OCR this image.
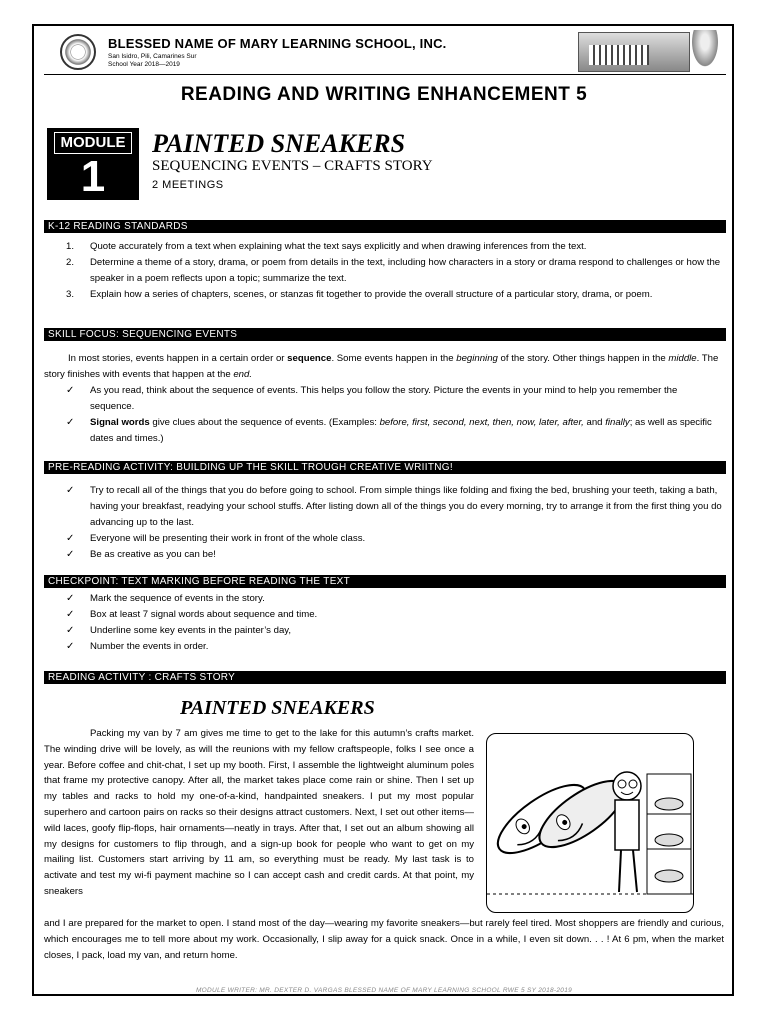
BLESSED NAME OF MARY LEARNING SCHOOL, INC.
San Isidro, Pili, Camarines Sur
School Year 2018—2019
READING AND WRITING ENHANCEMENT 5
MODULE
1
PAINTED SNEAKERS
SEQUENCING EVENTS – CRAFTS STORY
2 MEETINGS
K-12 READING STANDARDS
1. Quote accurately from a text when explaining what the text says explicitly and when drawing inferences from the text.
2. Determine a theme of a story, drama, or poem from details in the text, including how characters in a story or drama respond to challenges or how the speaker in a poem reflects upon a topic; summarize the text.
3. Explain how a series of chapters, scenes, or stanzas fit together to provide the overall structure of a particular story, drama, or poem.
SKILL FOCUS: SEQUENCING EVENTS
In most stories, events happen in a certain order or sequence. Some events happen in the beginning of the story. Other things happen in the middle. The story finishes with events that happen at the end.
✓ As you read, think about the sequence of events. This helps you follow the story. Picture the events in your mind to help you remember the sequence.
✓ Signal words give clues about the sequence of events. (Examples: before, first, second, next, then, now, later, after, and finally; as well as specific dates and times.)
PRE-READING ACTIVITY: BUILDING UP THE SKILL TROUGH CREATIVE WRIITNG!
✓ Try to recall all of the things that you do before going to school. From simple things like folding and fixing the bed, brushing your teeth, taking a bath, having your breakfast, readying your school stuffs. After listing down all of the things you do every morning, try to arrange it from the first thing you do advancing up to the last.
✓ Everyone will be presenting their work in front of the whole class.
✓ Be as creative as you can be!
CHECKPOINT: TEXT MARKING BEFORE READING THE TEXT
✓ Mark the sequence of events in the story.
✓ Box at least 7 signal words about sequence and time.
✓ Underline some key events in the painter’s day,
✓ Number the events in order.
READING ACTIVITY : CRAFTS STORY
PAINTED SNEAKERS
Packing my van by 7 am gives me time to get to the lake for this autumn’s crafts market. The winding drive will be lovely, as will the reunions with my fellow craftspeople, folks I see once a year. Before coffee and chit-chat, I set up my booth. First, I assemble the lightweight aluminum poles that frame my protective canopy. After all, the market takes place come rain or shine. Then I set up my tables and racks to hold my one-of-a-kind, handpainted sneakers. I put my most popular superhero and cartoon pairs on racks so their designs attract customers. Next, I set out other items—wild laces, goofy flip-flops, hair ornaments—neatly in trays. After that, I set out an album showing all my designs for customers to flip through, and a sign-up book for people who want to get on my mailing list. Customers start arriving by 11 am, so everything must be ready. My last task is to activate and test my wi-fi payment machine so I can accept cash and credit cards. At that point, my sneakers
and I are prepared for the market to open. I stand most of the day—wearing my favorite sneakers—but rarely feel tired. Most shoppers are friendly and curious, which encourages me to tell more about my work. Occasionally, I slip away for a quick snack. Once in a while, I even sit down. . . ! At 6 pm, when the market closes, I pack, load my van, and return home.
MODULE WRITER: MR. DEXTER D. VARGAS BLESSED NAME OF MARY LEARNING SCHOOL RWE 5 SY 2018-2019
